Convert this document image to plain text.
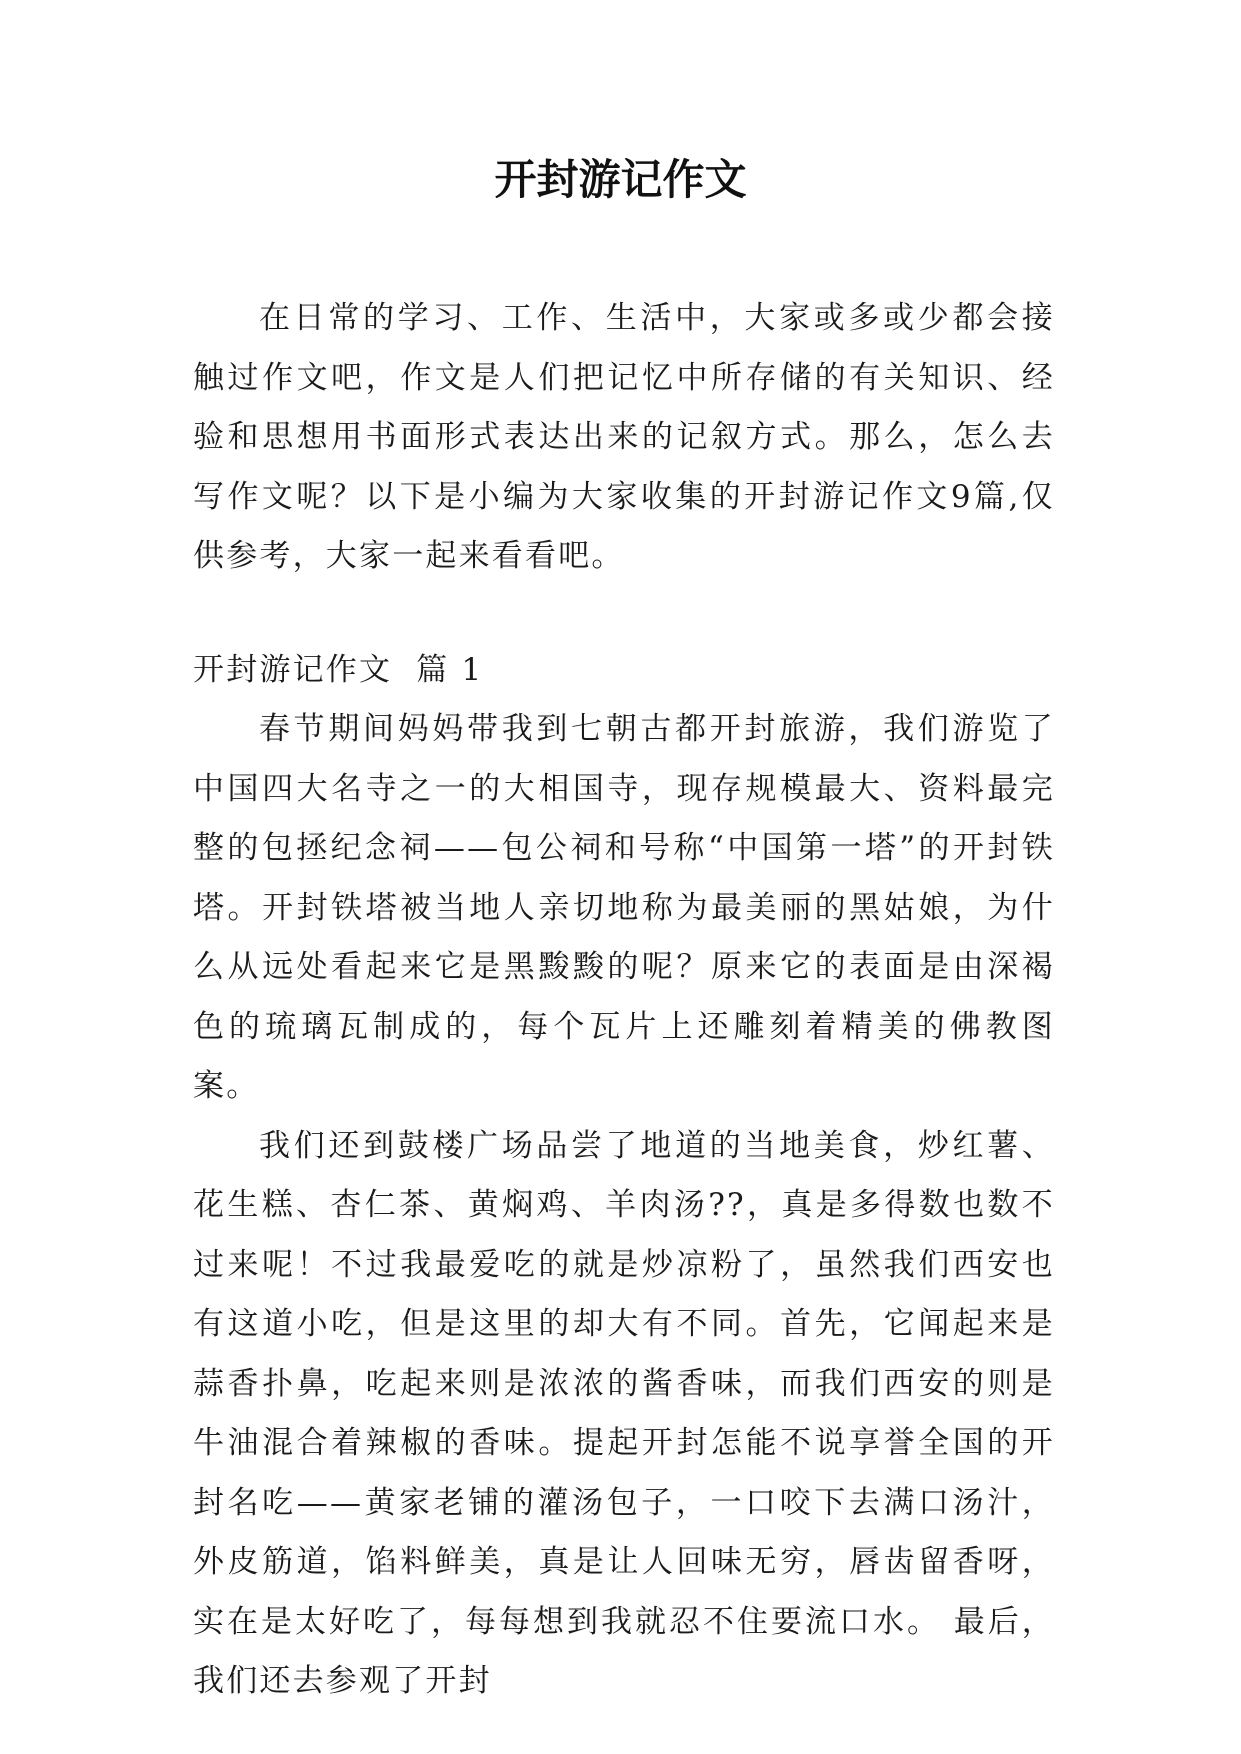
开封游记作文

在日常的学习、工作、生活中，大家或多或少都会接触过作文吧，作文是人们把记忆中所存储的有关知识、经验和思想用书面形式表达出来的记叙方式。那么，怎么去写作文呢？以下是小编为大家收集的开封游记作文9篇,仅供参考，大家一起来看看吧。

开封游记作文  篇 1

春节期间妈妈带我到七朝古都开封旅游，我们游览了中国四大名寺之一的大相国寺，现存规模最大、资料最完整的包拯纪念祠——包公祠和号称“中国第一塔”的开封铁塔。开封铁塔被当地人亲切地称为最美丽的黑姑娘，为什么从远处看起来它是黑黢黢的呢？原来它的表面是由深褐色的琉璃瓦制成的，每个瓦片上还雕刻着精美的佛教图案。

我们还到鼓楼广场品尝了地道的当地美食，炒红薯、花生糕、杏仁茶、黄焖鸡、羊肉汤??，真是多得数也数不过来呢！不过我最爱吃的就是炒凉粉了，虽然我们西安也有这道小吃，但是这里的却大有不同。首先，它闻起来是蒜香扑鼻，吃起来则是浓浓的酱香味，而我们西安的则是牛油混合着辣椒的香味。提起开封怎能不说享誉全国的开封名吃——黄家老铺的灌汤包子，一口咬下去满口汤汁，外皮筋道，馅料鲜美，真是让人回味无穷，唇齿留香呀，实在是太好吃了，每每想到我就忍不住要流口水。 最后，我们还去参观了开封
